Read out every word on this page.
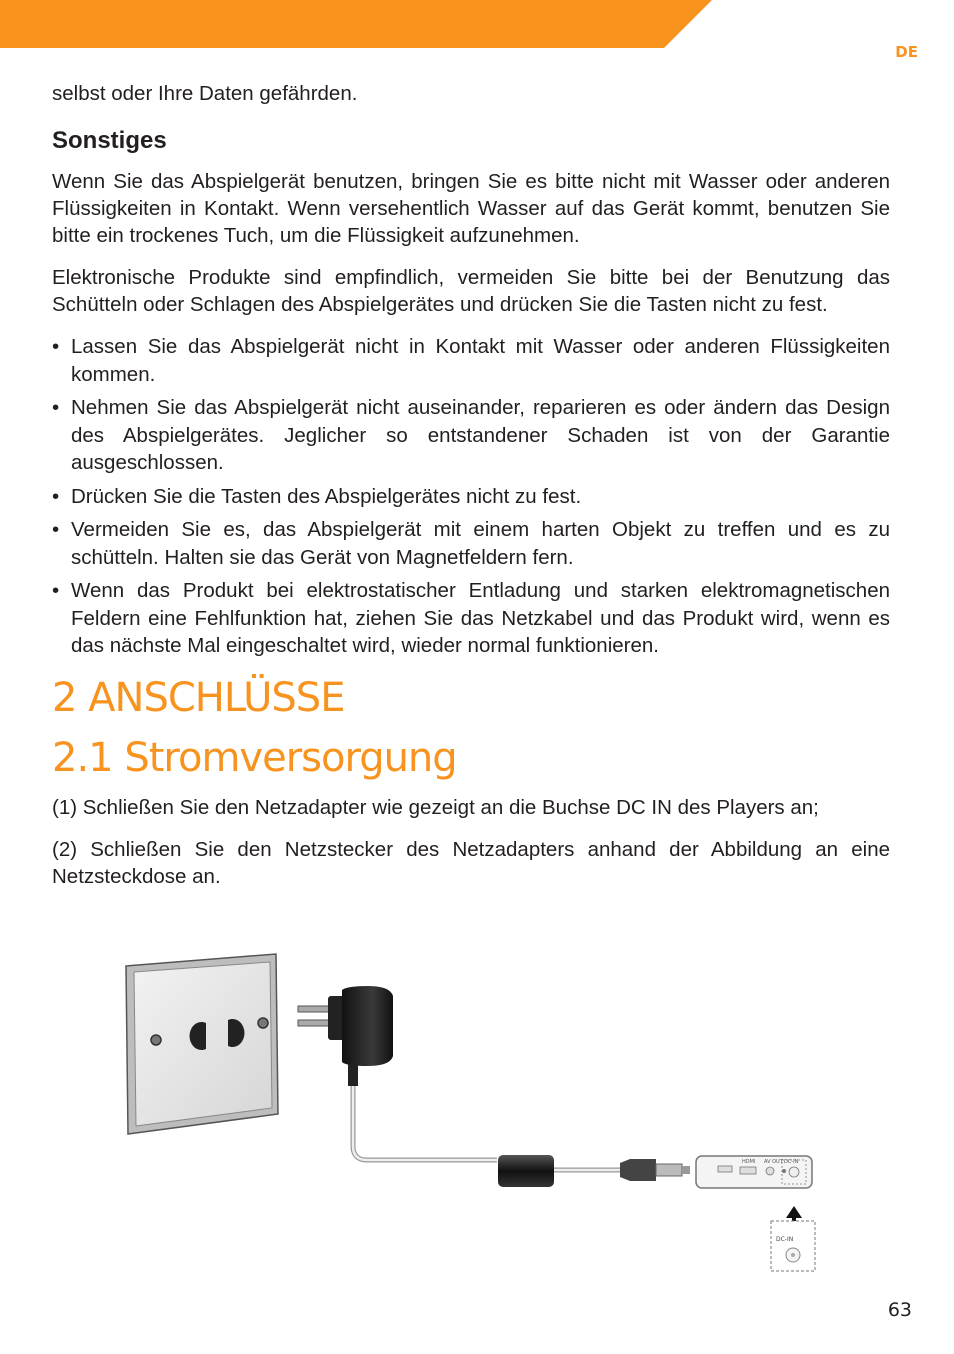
DE

selbst oder Ihre Daten gefährden.

Sonstiges

Wenn Sie das Abspielgerät benutzen, bringen Sie es bitte nicht mit Wasser oder anderen Flüssigkeiten in Kontakt. Wenn versehentlich Wasser auf das Gerät kommt, benutzen Sie bitte ein trockenes Tuch, um die Flüssigkeit aufzunehmen.

Elektronische Produkte sind empfindlich, vermeiden Sie bitte bei der Benutzung das Schütteln oder Schlagen des Abspielgerätes und drücken Sie die Tasten nicht zu fest.

• Lassen Sie das Abspielgerät nicht in Kontakt mit Wasser oder anderen Flüssigkeiten kommen.
• Nehmen Sie das Abspielgerät nicht auseinander, reparieren es oder ändern das Design des Abspielgerätes. Jeglicher so entstandener Schaden ist von der Garantie ausgeschlossen.
• Drücken Sie die Tasten des Abspielgerätes nicht zu fest.
• Vermeiden Sie es, das Abspielgerät mit einem harten Objekt zu treffen und es zu schütteln. Halten sie das Gerät von Magnetfeldern fern.
• Wenn das Produkt bei elektrostatischer Entladung und starken elektromagnetischen Feldern eine Fehlfunktion hat, ziehen Sie das Netzkabel und das Produkt wird, wenn es das nächste Mal eingeschaltet wird, wieder normal funktionieren.
2 ANSCHLÜSSE
2.1 Stromversorgung

(1) Schließen Sie den Netzadapter wie gezeigt an die Buchse DC IN des Players an;

(2) Schließen Sie den Netzstecker des Netzadapters anhand der Abbildung an eine Netzsteckdose an.

HDMI AV OUT DC-IN
DC-IN
63
